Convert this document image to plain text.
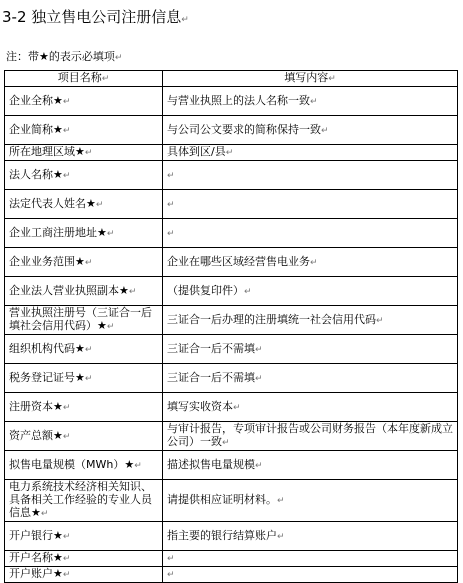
3-2 独立售电公司注册信息↵
注：带★的表示必填项↵
项目名称↵	填写内容↵
企业全称★↵	与营业执照上的法人名称一致↵
企业简称★↵	与公司公文要求的简称保持一致↵
所在地理区域★↵	具体到区/县↵
法人名称★↵	↵
法定代表人姓名★↵	↵
企业工商注册地址★↵	↵
企业业务范围★↵	企业在哪些区域经营售电业务↵
企业法人营业执照副本★↵	（提供复印件）↵
营业执照注册号（三证合一后填社会信用代码）★↵	三证合一后办理的注册填统一社会信用代码↵
组织机构代码★↵	三证合一后不需填↵
税务登记证号★↵	三证合一后不需填↵
注册资本★↵	填写实收资本↵
资产总额★↵	与审计报告，专项审计报告或公司财务报告（本年度新成立公司）一致↵
拟售电量规模（MWh）★↵	描述拟售电量规模↵
电力系统技术经济相关知识、具备相关工作经验的专业人员信息★↵	请提供相应证明材料。↵
开户银行★↵	指主要的银行结算账户↵
开户名称★↵	↵
开户账户★↵	↵
